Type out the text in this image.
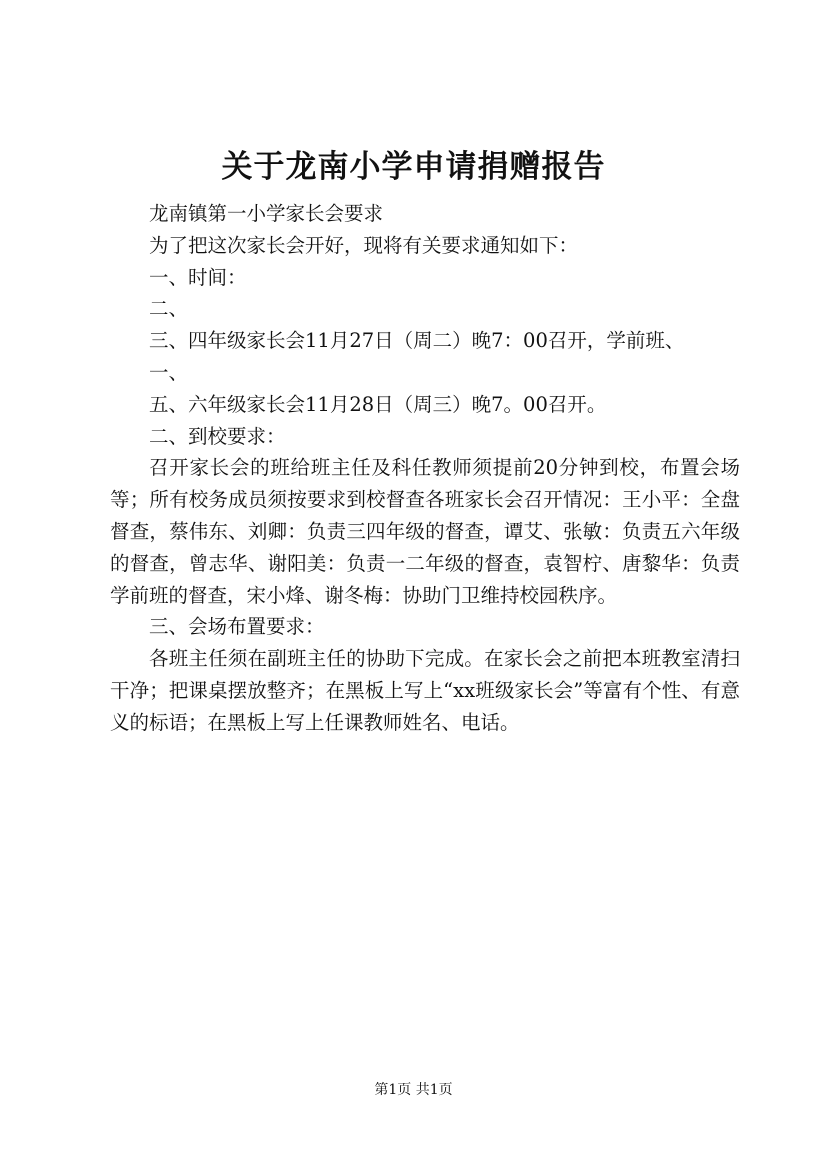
关于龙南小学申请捐赠报告

龙南镇第一小学家长会要求

为了把这次家长会开好，现将有关要求通知如下：

一、时间：

二、

三、四年级家长会11月27日（周二）晚7：00召开，学前班、

一、

五、六年级家长会11月28日（周三）晚7。00召开。

二、到校要求：

召开家长会的班给班主任及科任教师须提前20分钟到校，布置会场等；所有校务成员须按要求到校督查各班家长会召开情况：王小平：全盘督查，蔡伟东、刘卿：负责三四年级的督查，谭艾、张敏：负责五六年级的督查，曾志华、谢阳美：负责一二年级的督查，袁智柠、唐黎华：负责学前班的督查，宋小烽、谢冬梅：协助门卫维持校园秩序。

三、会场布置要求：

各班主任须在副班主任的协助下完成。在家长会之前把本班教室清扫干净；把课桌摆放整齐；在黑板上写上“xx班级家长会”等富有个性、有意义的标语；在黑板上写上任课教师姓名、电话。

第1页 共1页
